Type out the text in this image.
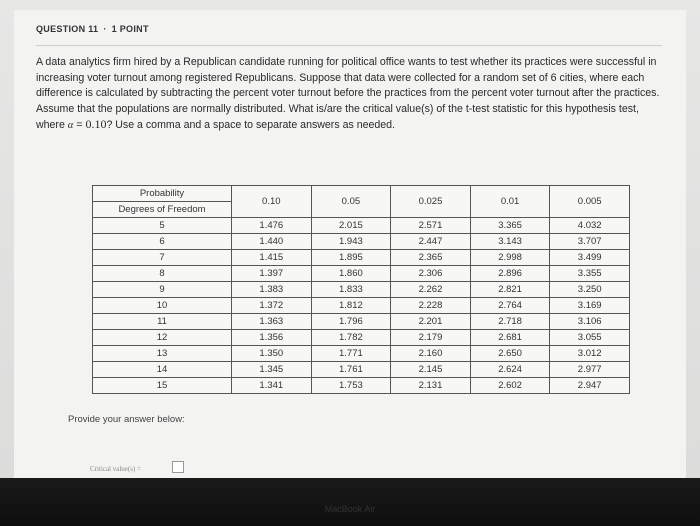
QUESTION 11 · 1 POINT
A data analytics firm hired by a Republican candidate running for political office wants to test whether its practices were successful in increasing voter turnout among registered Republicans. Suppose that data were collected for a random set of 6 cities, where each difference is calculated by subtracting the percent voter turnout before the practices from the percent voter turnout after the practices. Assume that the populations are normally distributed. What is/are the critical value(s) of the t-test statistic for this hypothesis test, where α = 0.10? Use a comma and a space to separate answers as needed.
Probability	0.10	0.05	0.025	0.01	0.005
Degrees of Freedom					
5	1.476	2.015	2.571	3.365	4.032
6	1.440	1.943	2.447	3.143	3.707
7	1.415	1.895	2.365	2.998	3.499
8	1.397	1.860	2.306	2.896	3.355
9	1.383	1.833	2.262	2.821	3.250
10	1.372	1.812	2.228	2.764	3.169
11	1.363	1.796	2.201	2.718	3.106
12	1.356	1.782	2.179	2.681	3.055
13	1.350	1.771	2.160	2.650	3.012
14	1.345	1.761	2.145	2.624	2.977
15	1.341	1.753	2.131	2.602	2.947
Provide your answer below:
Critical value(s) =
MacBook Air
